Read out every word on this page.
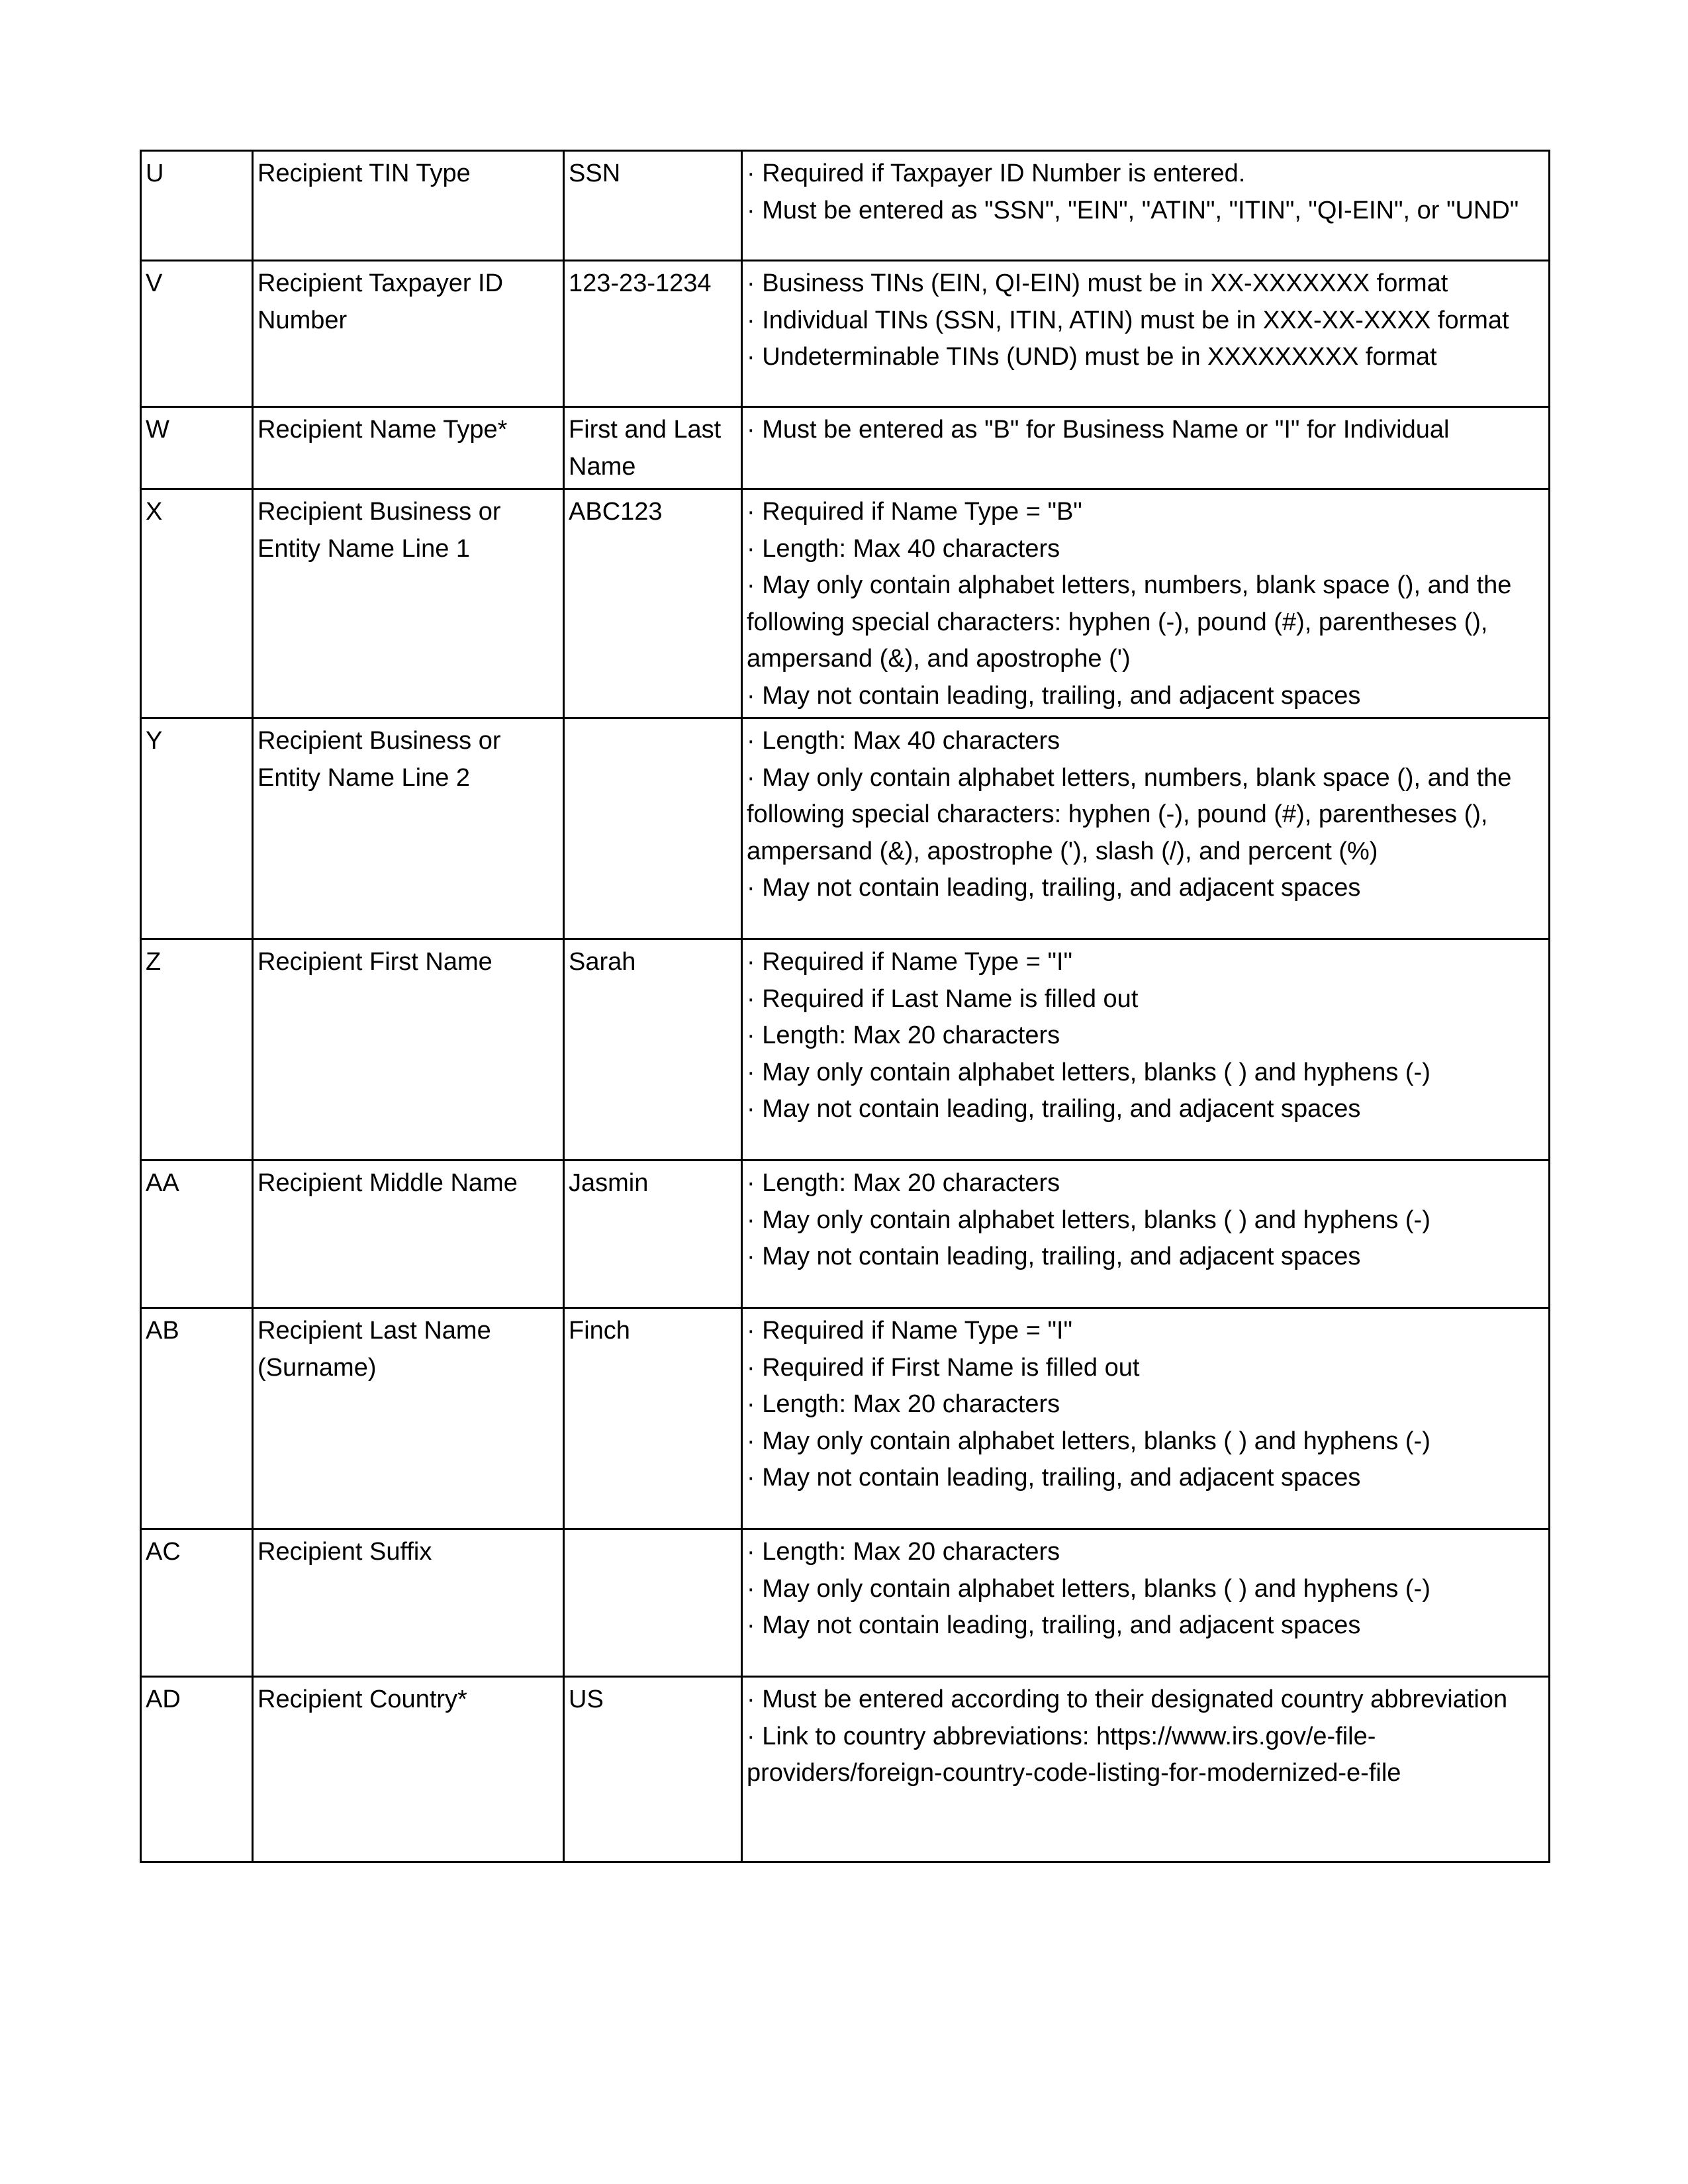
U	Recipient TIN Type	SSN	· Required if Taxpayer ID Number is entered.
· Must be entered as "SSN", "EIN", "ATIN", "ITIN", "QI-EIN", or "UND"

V	Recipient Taxpayer ID Number	123-23-1234	· Business TINs (EIN, QI-EIN) must be in XX-XXXXXXX format
· Individual TINs (SSN, ITIN, ATIN) must be in XXX-XX-XXXX format
· Undeterminable TINs (UND) must be in XXXXXXXXX format

W	Recipient Name Type*	First and Last Name	· Must be entered as "B" for Business Name or "I" for Individual

X	Recipient Business or Entity Name Line 1	ABC123	· Required if Name Type = "B"
· Length: Max 40 characters
· May only contain alphabet letters, numbers, blank space (), and the following special characters: hyphen (-), pound (#), parentheses (), ampersand (&), and apostrophe (')
· May not contain leading, trailing, and adjacent spaces

Y	Recipient Business or Entity Name Line 2		· Length: Max 40 characters
· May only contain alphabet letters, numbers, blank space (), and the following special characters: hyphen (-), pound (#), parentheses (), ampersand (&), apostrophe ('), slash (/), and percent (%)
· May not contain leading, trailing, and adjacent spaces

Z	Recipient First Name	Sarah	· Required if Name Type = "I"
· Required if Last Name is filled out
· Length: Max 20 characters
· May only contain alphabet letters, blanks ( ) and hyphens (-)
· May not contain leading, trailing, and adjacent spaces

AA	Recipient Middle Name	Jasmin	· Length: Max 20 characters
· May only contain alphabet letters, blanks ( ) and hyphens (-)
· May not contain leading, trailing, and adjacent spaces

AB	Recipient Last Name (Surname)	Finch	· Required if Name Type = "I"
· Required if First Name is filled out
· Length: Max 20 characters
· May only contain alphabet letters, blanks ( ) and hyphens (-)
· May not contain leading, trailing, and adjacent spaces

AC	Recipient Suffix		· Length: Max 20 characters
· May only contain alphabet letters, blanks ( ) and hyphens (-)
· May not contain leading, trailing, and adjacent spaces

AD	Recipient Country*	US	· Must be entered according to their designated country abbreviation
· Link to country abbreviations: https://www.irs.gov/e-file-providers/foreign-country-code-listing-for-modernized-e-file
